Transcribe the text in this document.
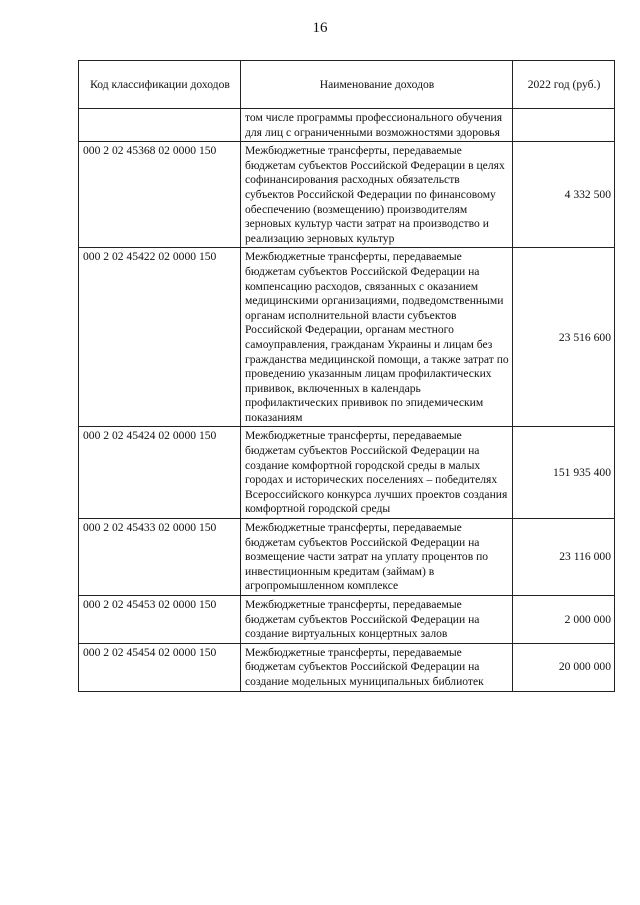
16
Код классификации доходов	Наименование доходов	2022 год (руб.)
	том числе программы профессионального обучения для лиц с ограниченными возможностями здоровья	
000 2 02 45368 02 0000 150	Межбюджетные трансферты, передаваемые бюджетам субъектов Российской Федерации в целях софинансирования расходных обязательств субъектов Российской Федерации по финансовому обеспечению (возмещению) производителям зерновых культур части затрат на производство и реализацию зерновых культур	4 332 500
000 2 02 45422 02 0000 150	Межбюджетные трансферты, передаваемые бюджетам субъектов Российской Федерации на компенсацию расходов, связанных с оказанием медицинскими организациями, подведомственными органам исполнительной власти субъектов Российской Федерации, органам местного самоуправления, гражданам Украины и лицам без гражданства медицинской помощи, а также затрат по проведению указанным лицам профилактических прививок, включенных в календарь профилактических прививок по эпидемическим показаниям	23 516 600
000 2 02 45424 02 0000 150	Межбюджетные трансферты, передаваемые бюджетам субъектов Российской Федерации на создание комфортной городской среды в малых городах и исторических поселениях – победителях Всероссийского конкурса лучших проектов создания комфортной городской среды	151 935 400
000 2 02 45433 02 0000 150	Межбюджетные трансферты, передаваемые бюджетам субъектов Российской Федерации на возмещение части затрат на уплату процентов по инвестиционным кредитам (займам) в агропромышленном комплексе	23 116 000
000 2 02 45453 02 0000 150	Межбюджетные трансферты, передаваемые бюджетам субъектов Российской Федерации на создание виртуальных концертных залов	2 000 000
000 2 02 45454 02 0000 150	Межбюджетные трансферты, передаваемые бюджетам субъектов Российской Федерации на создание модельных муниципальных библиотек	20 000 000
